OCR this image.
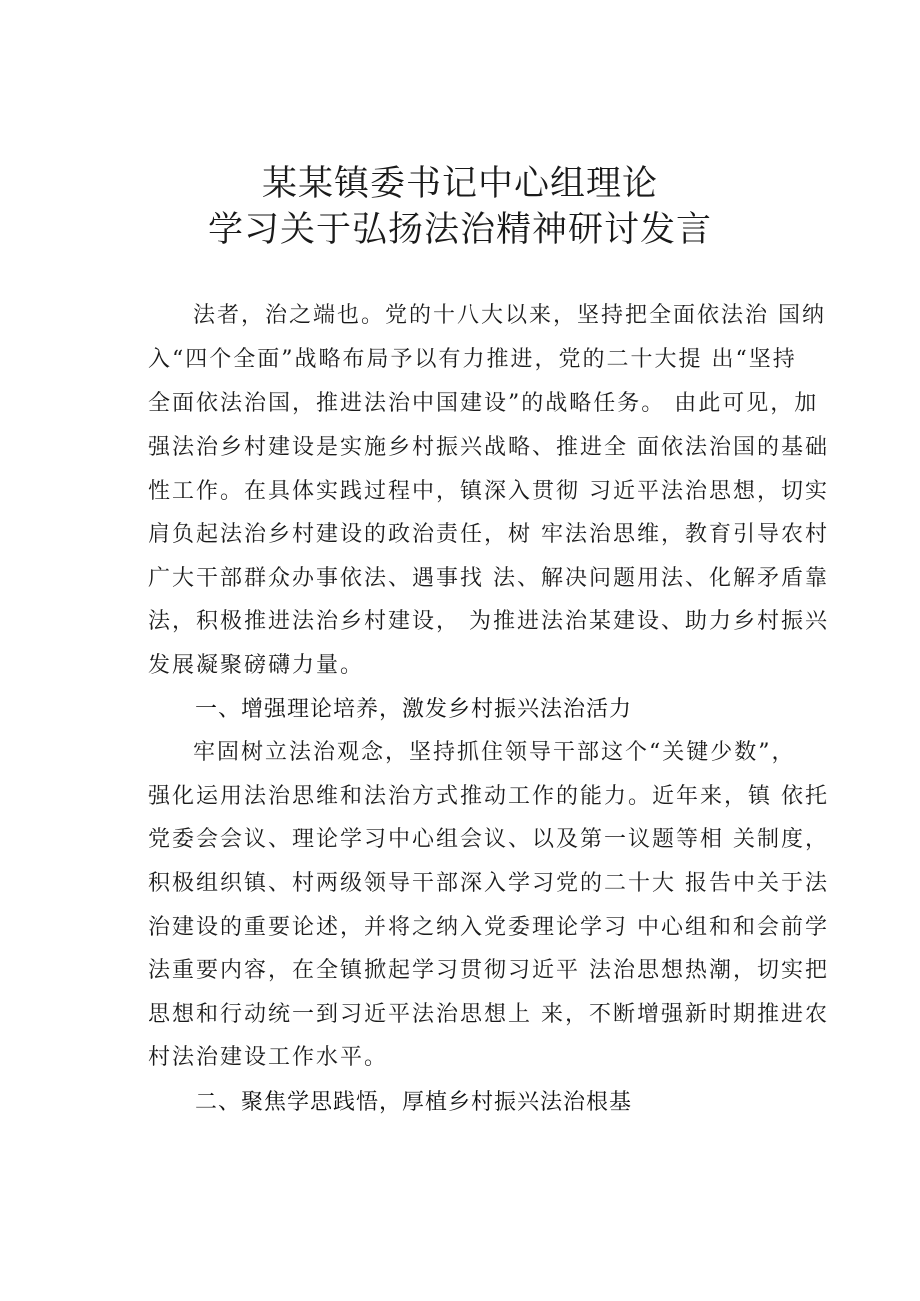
某某镇委书记中心组理论
学习关于弘扬法治精神研讨发言
法者，治之端也。党的十八大以来，坚持把全面依法治 国纳
入“四个全面”战略布局予以有力推进，党的二十大提 出“坚持
全面依法治国，推进法治中国建设”的战略任务。 由此可见，加
强法治乡村建设是实施乡村振兴战略、推进全 面依法治国的基础
性工作。在具体实践过程中，镇深入贯彻 习近平法治思想，切实
肩负起法治乡村建设的政治责任，树 牢法治思维，教育引导农村
广大干部群众办事依法、遇事找 法、解决问题用法、化解矛盾靠
法，积极推进法治乡村建设， 为推进法治某建设、助力乡村振兴
发展凝聚磅礴力量。
一、增强理论培养，激发乡村振兴法治活力
牢固树立法治观念，坚持抓住领导干部这个“关键少数”，
强化运用法治思维和法治方式推动工作的能力。近年来，镇 依托
党委会会议、理论学习中心组会议、以及第一议题等相 关制度，
积极组织镇、村两级领导干部深入学习党的二十大 报告中关于法
治建设的重要论述，并将之纳入党委理论学习 中心组和和会前学
法重要内容，在全镇掀起学习贯彻习近平 法治思想热潮，切实把
思想和行动统一到习近平法治思想上 来，不断增强新时期推进农
村法治建设工作水平。
二、聚焦学思践悟，厚植乡村振兴法治根基
